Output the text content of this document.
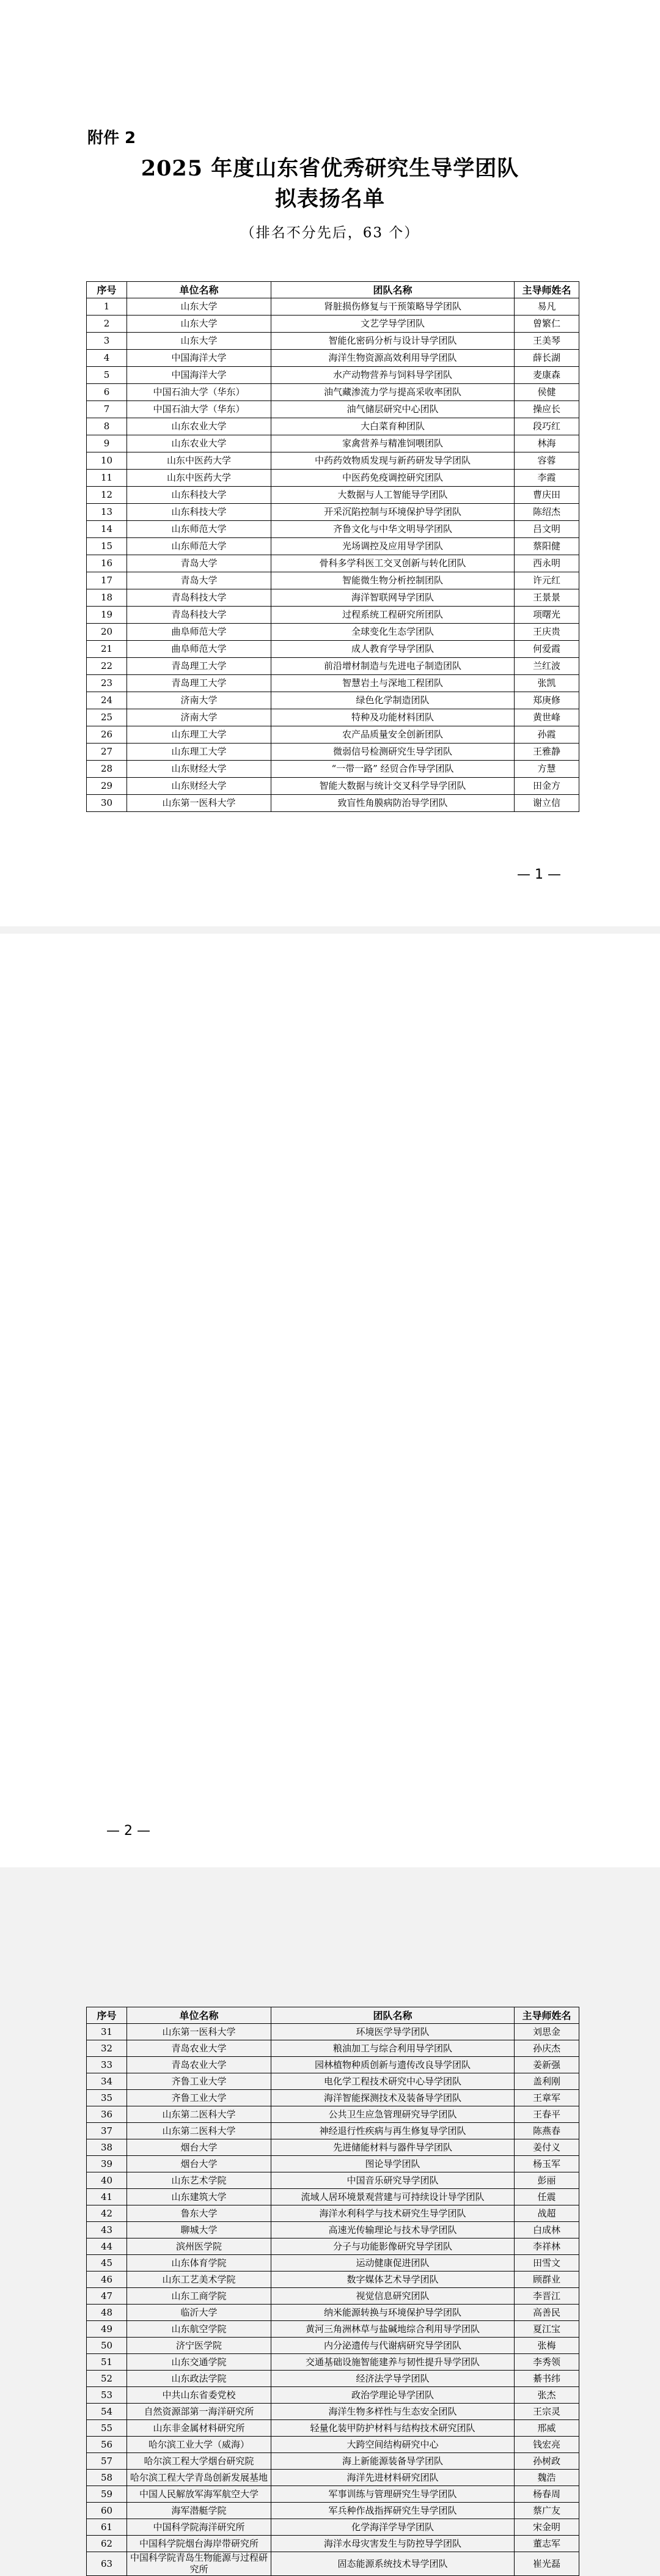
附件 2
2025 年度山东省优秀研究生导学团队
拟表扬名单
（排名不分先后，63 个）
序号	单位名称	团队名称	主导师姓名
1	山东大学	肾脏损伤修复与干预策略导学团队	易凡
2	山东大学	文艺学导学团队	曾繁仁
3	山东大学	智能化密码分析与设计导学团队	王美琴
4	中国海洋大学	海洋生物资源高效利用导学团队	薛长湖
5	中国海洋大学	水产动物营养与饲料导学团队	麦康森
6	中国石油大学（华东）	油气藏渗流力学与提高采收率团队	侯健
7	中国石油大学（华东）	油气储层研究中心团队	操应长
8	山东农业大学	大白菜育种团队	段巧红
9	山东农业大学	家禽营养与精准饲喂团队	林海
10	山东中医药大学	中药药效物质发现与新药研发导学团队	容蓉
11	山东中医药大学	中医药免疫调控研究团队	李霞
12	山东科技大学	大数据与人工智能导学团队	曹庆田
13	山东科技大学	开采沉陷控制与环境保护导学团队	陈绍杰
14	山东师范大学	齐鲁文化与中华文明导学团队	吕文明
15	山东师范大学	光场调控及应用导学团队	蔡阳健
16	青岛大学	骨科多学科医工交叉创新与转化团队	西永明
17	青岛大学	智能微生物分析控制团队	许元红
18	青岛科技大学	海洋智联网导学团队	王景景
19	青岛科技大学	过程系统工程研究所团队	项曙光
20	曲阜师范大学	全球变化生态学团队	王庆贵
21	曲阜师范大学	成人教育学导学团队	何爱霞
22	青岛理工大学	前沿增材制造与先进电子制造团队	兰红波
23	青岛理工大学	智慧岩土与深地工程团队	张凯
24	济南大学	绿色化学制造团队	郑庚修
25	济南大学	特种及功能材料团队	黄世峰
26	山东理工大学	农产品质量安全创新团队	孙霞
27	山东理工大学	微弱信号检测研究生导学团队	王雅静
28	山东财经大学	“一带一路” 经贸合作导学团队	方慧
29	山东财经大学	智能大数据与统计交叉科学导学团队	田金方
30	山东第一医科大学	致盲性角膜病防治导学团队	谢立信
— 1 —
序号	单位名称	团队名称	主导师姓名
31	山东第一医科大学	环境医学导学团队	刘思金
32	青岛农业大学	粮油加工与综合利用导学团队	孙庆杰
33	青岛农业大学	园林植物种质创新与遗传改良导学团队	姜新强
34	齐鲁工业大学	电化学工程技术研究中心导学团队	盖利刚
35	齐鲁工业大学	海洋智能探测技术及装备导学团队	王章军
36	山东第二医科大学	公共卫生应急管理研究导学团队	王春平
37	山东第二医科大学	神经退行性疾病与再生修复导学团队	陈燕春
38	烟台大学	先进储能材料与器件导学团队	姜付义
39	烟台大学	图论导学团队	杨玉军
40	山东艺术学院	中国音乐研究导学团队	彭丽
41	山东建筑大学	流域人居环境景观营建与可持续设计导学团队	任震
42	鲁东大学	海洋水利科学与技术研究生导学团队	战超
43	聊城大学	高速光传输理论与技术导学团队	白成林
44	滨州医学院	分子与功能影像研究导学团队	李祥林
45	山东体育学院	运动健康促进团队	田雪文
46	山东工艺美术学院	数字媒体艺术导学团队	顾群业
47	山东工商学院	视觉信息研究团队	李晋江
48	临沂大学	纳米能源转换与环境保护导学团队	高善民
49	山东航空学院	黄河三角洲林草与盐碱地综合利用导学团队	夏江宝
50	济宁医学院	内分泌遗传与代谢病研究导学团队	张梅
51	山东交通学院	交通基础设施智能建养与韧性提升导学团队	李秀领
52	山东政法学院	经济法学导学团队	綦书纬
53	中共山东省委党校	政治学理论导学团队	张杰
54	自然资源部第一海洋研究所	海洋生物多样性与生态安全团队	王宗灵
55	山东非金属材料研究所	轻量化装甲防护材料与结构技术研究团队	邢威
56	哈尔滨工业大学（威海）	大跨空间结构研究中心	钱宏亮
57	哈尔滨工程大学烟台研究院	海上新能源装备导学团队	孙树政
58	哈尔滨工程大学青岛创新发展基地	海洋先进材料研究团队	魏浩
59	中国人民解放军海军航空大学	军事训练与管理研究生导学团队	杨春周
60	海军潜艇学院	军兵种作战指挥研究生导学团队	蔡广友
61	中国科学院海洋研究所	化学海洋学导学团队	宋金明
62	中国科学院烟台海岸带研究所	海洋水母灾害发生与防控导学团队	董志军
63	中国科学院青岛生物能源与过程研究所	固态能源系统技术导学团队	崔光磊
— 2 —
